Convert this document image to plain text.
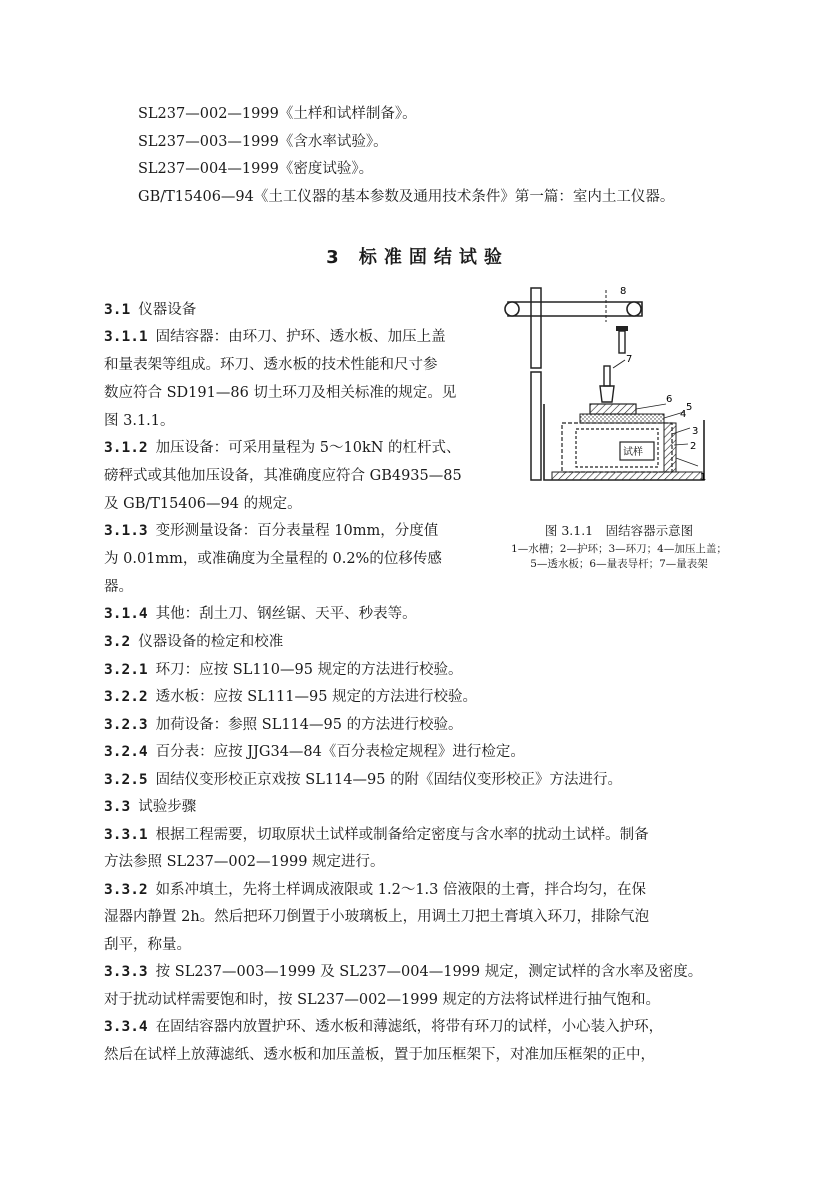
SL237—002—1999《土样和试样制备》。
SL237—003—1999《含水率试验》。
SL237—004—1999《密度试验》。
GB/T15406—94《土工仪器的基本参数及通用技术条件》第一篇：室内土工仪器。
3 标准固结试验
3.1 仪器设备
3.1.1 固结容器：由环刀、护环、透水板、加压上盖
和量表架等组成。环刀、透水板的技术性能和尺寸参
数应符合 SD191—86 切土环刀及相关标准的规定。见
图 3.1.1。
3.1.2 加压设备：可采用量程为 5～10kN 的杠杆式、
磅秤式或其他加压设备，其准确度应符合 GB4935—85
及 GB/T15406—94 的规定。
3.1.3 变形测量设备：百分表量程 10mm，分度值
为 0.01mm，或准确度为全量程的 0.2%的位移传感
器。
3.1.4 其他：刮土刀、钢丝锯、天平、秒表等。
3.2 仪器设备的检定和校准
3.2.1 环刀：应按 SL110—95 规定的方法进行校验。
3.2.2 透水板：应按 SL111—95 规定的方法进行校验。
3.2.3 加荷设备：参照 SL114—95 的方法进行校验。
3.2.4 百分表：应按 JJG34—84《百分表检定规程》进行检定。
3.2.5 固结仪变形校正京戏按 SL114—95 的附《固结仪变形校正》方法进行。
3.3 试验步骤
3.3.1 根据工程需要，切取原状土试样或制备给定密度与含水率的扰动土试样。制备
方法参照 SL237—002—1999 规定进行。
3.3.2 如系冲填土，先将土样调成液限或 1.2～1.3 倍液限的土膏，拌合均匀，在保
湿器内静置 2h。然后把环刀倒置于小玻璃板上，用调土刀把土膏填入环刀，排除气泡
刮平，称量。
3.3.3 按 SL237—003—1999 及 SL237—004—1999 规定，测定试样的含水率及密度。
对于扰动试样需要饱和时，按 SL237—002—1999 规定的方法将试样进行抽气饱和。
3.3.4 在固结容器内放置护环、透水板和薄滤纸，将带有环刀的试样，小心装入护环，
然后在试样上放薄滤纸、透水板和加压盖板，置于加压框架下，对准加压框架的正中，
1
2
3
4
5
6
7
8
试样
图 3.1.1　固结容器示意图
1—水槽；2—护环；3—环刀；4—加压上盖；
5—透水板；6—量表导杆；7—量表架
